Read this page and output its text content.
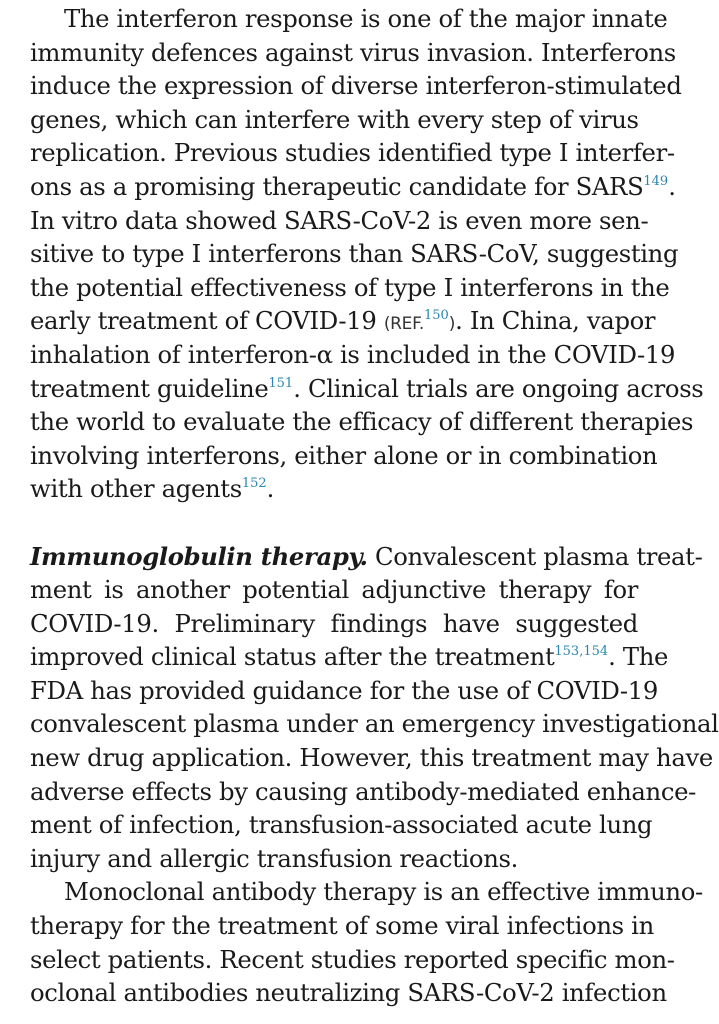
The interferon response is one of the major innate
immunity defences against virus invasion. Interferons
induce the expression of diverse interferon-stimulated
genes, which can interfere with every step of virus
replication. Previous studies identified type I interfer-
ons as a promising therapeutic candidate for SARS$^{149}$.
In vitro data showed SARS-CoV-2 is even more sen-
sitive to type I interferons than SARS-CoV, suggesting
the potential effectiveness of type I interferons in the
early treatment of COVID-19 (REF.$^{150}$). In China, vapor
inhalation of interferon-α is included in the COVID-19
treatment guideline$^{151}$. Clinical trials are ongoing across
the world to evaluate the efficacy of different therapies
involving interferons, either alone or in combination
with other agents$^{152}$.
Immunoglobulin therapy. Convalescent plasma treat-
ment is another potential adjunctive therapy for
COVID-19. Preliminary findings have suggested
improved clinical status after the treatment$^{153,154}$. The
FDA has provided guidance for the use of COVID-19
convalescent plasma under an emergency investigational
new drug application. However, this treatment may have
adverse effects by causing antibody-mediated enhance-
ment of infection, transfusion-associated acute lung
injury and allergic transfusion reactions.
Monoclonal antibody therapy is an effective immuno-
therapy for the treatment of some viral infections in
select patients. Recent studies reported specific mon-
oclonal antibodies neutralizing SARS-CoV-2 infection
